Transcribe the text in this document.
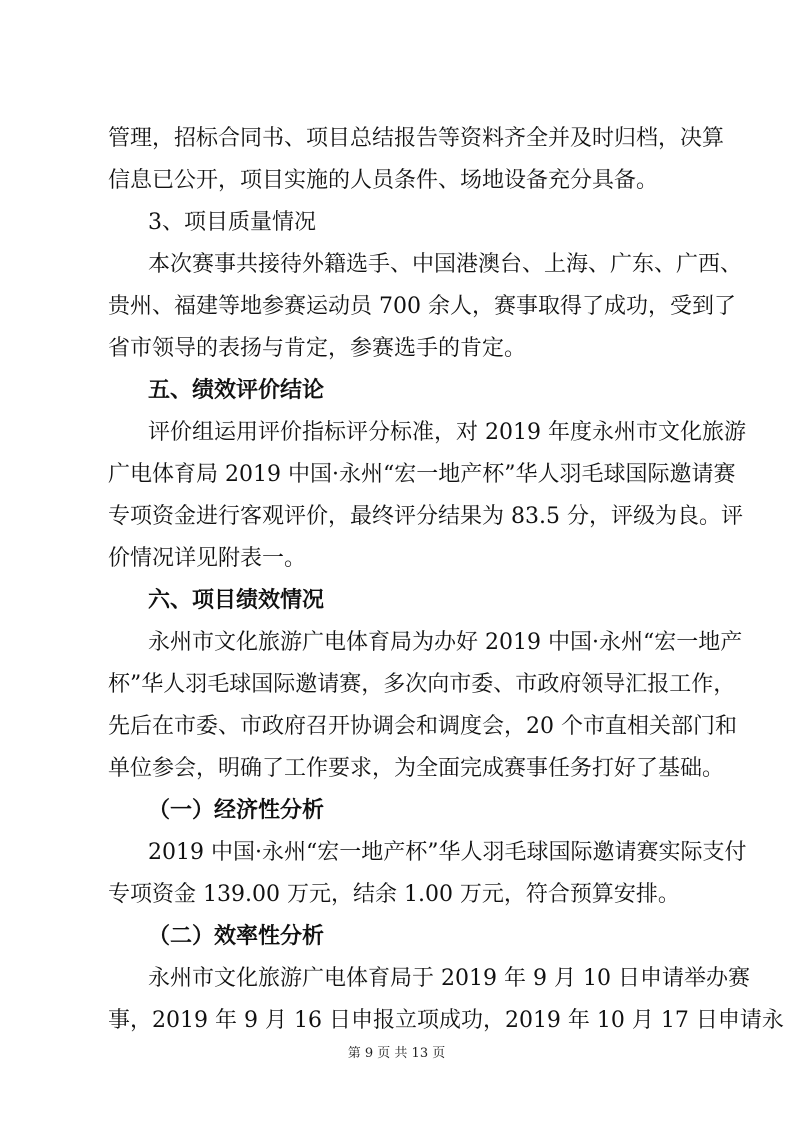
管理，招标合同书、项目总结报告等资料齐全并及时归档，决算
信息已公开，项目实施的人员条件、场地设备充分具备。
3、项目质量情况
本次赛事共接待外籍选手、中国港澳台、上海、广东、广西、
贵州、福建等地参赛运动员 700 余人，赛事取得了成功，受到了
省市领导的表扬与肯定，参赛选手的肯定。
五、绩效评价结论
评价组运用评价指标评分标准，对 2019 年度永州市文化旅游
广电体育局 2019 中国·永州“宏一地产杯”华人羽毛球国际邀请赛
专项资金进行客观评价，最终评分结果为 83.5 分，评级为良。评
价情况详见附表一。
六、项目绩效情况
永州市文化旅游广电体育局为办好 2019 中国·永州“宏一地产
杯”华人羽毛球国际邀请赛，多次向市委、市政府领导汇报工作，
先后在市委、市政府召开协调会和调度会，20 个市直相关部门和
单位参会，明确了工作要求，为全面完成赛事任务打好了基础。
（一）经济性分析
2019 中国·永州“宏一地产杯”华人羽毛球国际邀请赛实际支付
专项资金 139.00 万元，结余 1.00 万元，符合预算安排。
（二）效率性分析
永州市文化旅游广电体育局于 2019 年 9 月 10 日申请举办赛
事，2019 年 9 月 16 日申报立项成功，2019 年 10 月 17 日申请永
第 9 页 共 13 页
